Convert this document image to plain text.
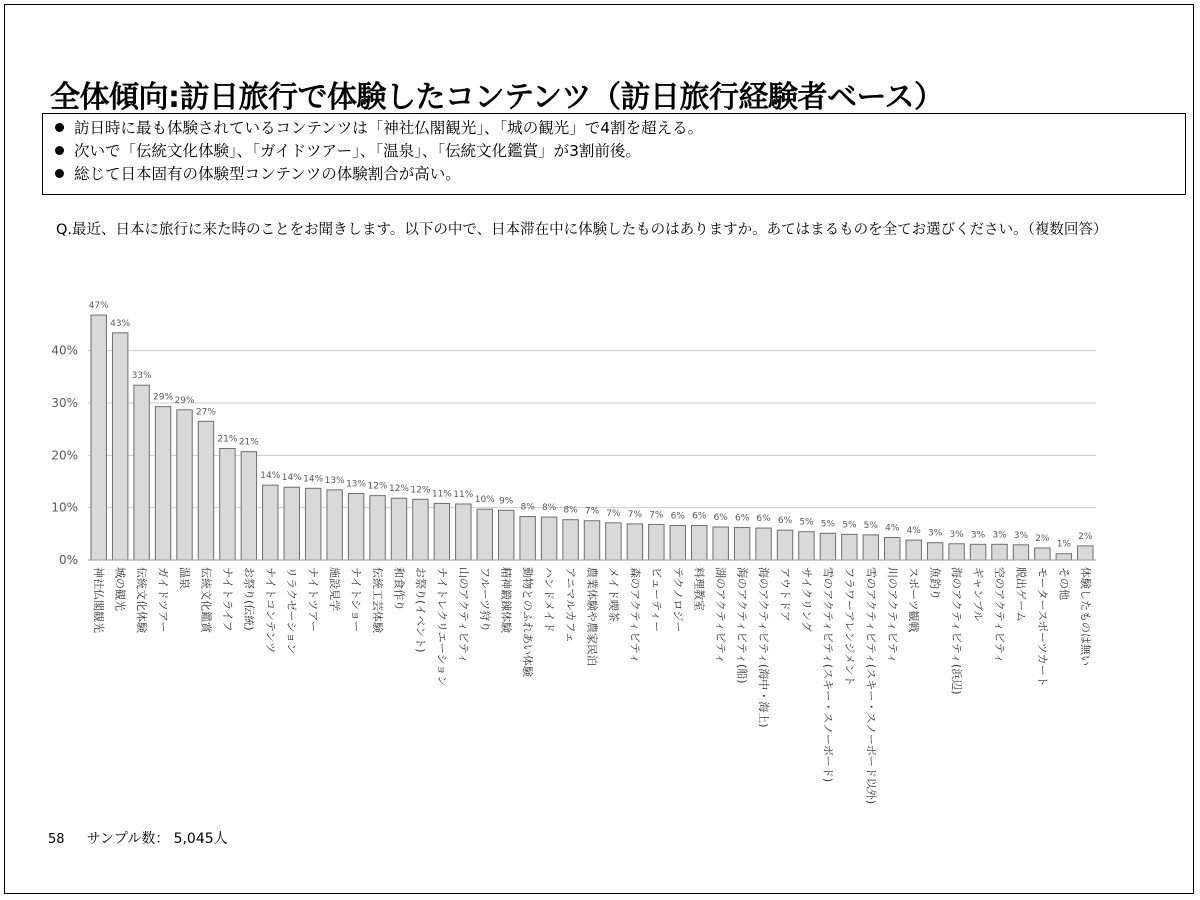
全体傾向:訪日旅行で体験したコンテンツ（訪日旅行経験者ベース）
訪日時に最も体験されているコンテンツは「神社仏閣観光」、「城の観光」で4割を超える。
次いで「伝統文化体験」、「ガイドツアー」、「温泉」、「伝統文化鑑賞」が3割前後。
総じて日本固有の体験型コンテンツの体験割合が高い。
Q.最近、日本に旅行に来た時のことをお聞きします。以下の中で、日本滞在中に体験したものはありますか。あてはまるものを全てお選びください。（複数回答）
0%
10%
20%
30%
40%
47%
神社仏閣観光
43%
城の観光
33%
伝統文化体験
29%
ガイドツアー
29%
温泉
27%
伝統文化鑑賞
21%
ナイトライフ
21%
お祭り(伝統)
14%
ナイトコンテンツ
14%
リラクゼーション
14%
ナイトツアー
13%
施設見学
13%
ナイトショー
12%
伝統工芸体験
12%
和食作り
12%
お祭り(イベント)
11%
ナイトレクリエーション
11%
山のアクティビティ
10%
フルーツ狩り
9%
精神鍛錬体験
8%
動物とのふれあい体験
8%
ハンドメイド
8%
アニマルカフェ
7%
農業体験や農家民泊
7%
メイド喫茶
7%
森のアクティビティ
7%
ビューティー
6%
テクノロジー
6%
料理教室
6%
湖のアクティビティ
6%
海のアクティビティ(船)
6%
海のアクティビティ(海中・海上)
6%
アウトドア
5%
サイクリング
5%
雪のアクティビティ(スキー・スノーボード)
5%
フラワーアレンジメント
5%
雪のアクティビティ(スキー・スノーボード以外)
4%
川のアクティビティ
4%
スポーツ観戦
3%
魚釣り
3%
海のアクティビティ(浜辺)
3%
ギャンブル
3%
空のアクティビティ
3%
脱出ゲーム
2%
モータースポーツカート
1%
その他
2%
体験したものは無い
58 サンプル数： 5,045人
